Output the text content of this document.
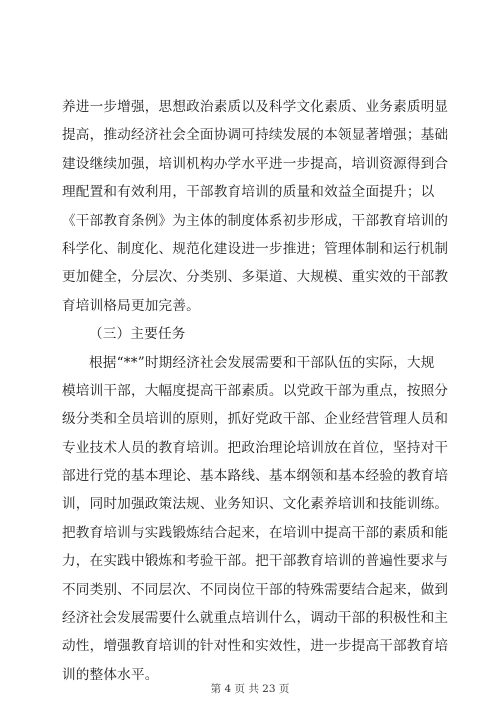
养进一步增强，思想政治素质以及科学文化素质、业务素质明显
提高，推动经济社会全面协调可持续发展的本领显著增强；基础
建设继续加强，培训机构办学水平进一步提高，培训资源得到合
理配置和有效利用，干部教育培训的质量和效益全面提升；以
《干部教育条例》为主体的制度体系初步形成，干部教育培训的
科学化、制度化、规范化建设进一步推进；管理体制和运行机制
更加健全，分层次、分类别、多渠道、大规模、重实效的干部教
育培训格局更加完善。
（三）主要任务
根据“**”时期经济社会发展需要和干部队伍的实际，大规
模培训干部，大幅度提高干部素质。以党政干部为重点，按照分
级分类和全员培训的原则，抓好党政干部、企业经营管理人员和
专业技术人员的教育培训。把政治理论培训放在首位，坚持对干
部进行党的基本理论、基本路线、基本纲领和基本经验的教育培
训，同时加强政策法规、业务知识、文化素养培训和技能训练。
把教育培训与实践锻炼结合起来，在培训中提高干部的素质和能
力，在实践中锻炼和考验干部。把干部教育培训的普遍性要求与
不同类别、不同层次、不同岗位干部的特殊需要结合起来，做到
经济社会发展需要什么就重点培训什么，调动干部的积极性和主
动性，增强教育培训的针对性和实效性，进一步提高干部教育培
训的整体水平。
第 4 页 共 23 页
